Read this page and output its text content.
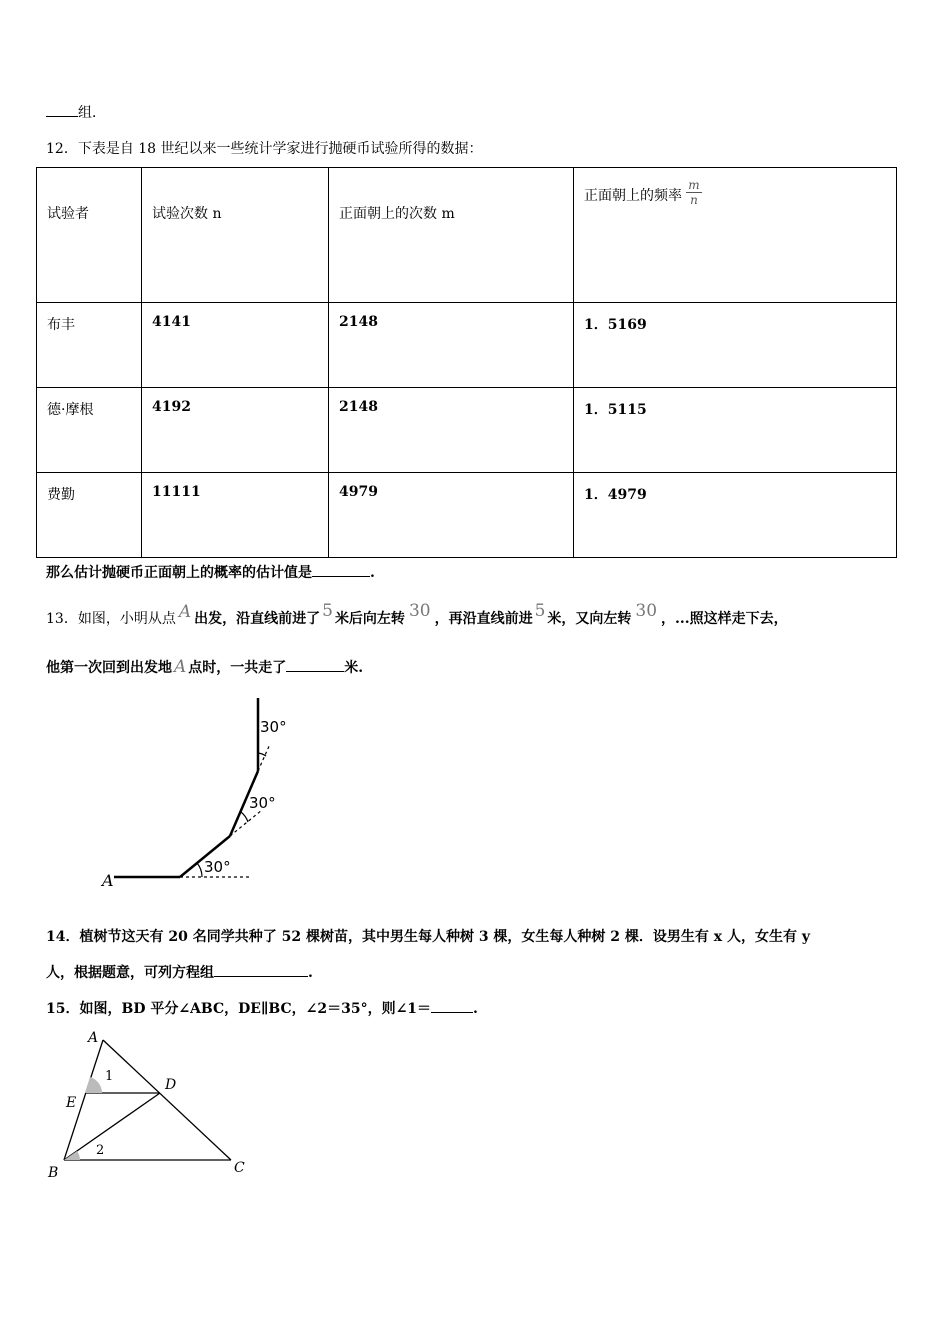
组．
12．下表是自 18 世纪以来一些统计学家进行抛硬币试验所得的数据：
试验者	试验次数 n	正面朝上的次数 m	正面朝上的频率 $\frac{m}{n}$

布丰	4141	2148	1．5169
德·摩根	4192	2148	1．5115
费勤	11111	4979	1．4979
那么估计抛硬币正面朝上的概率的估计值是	.
13．如图，小明从点 A 出发，沿直线前进了 5 米后向左转 30 ，再沿直线前进 5 米，又向左转 30 ，...照这样走下去，
他第一次回到出发地 A 点时，一共走了	米.
30°
30°
30°
A
14．植树节这天有 20 名同学共种了 52 棵树苗，其中男生每人种树 3 棵，女生每人种树 2 棵．设男生有 x 人，女生有 y
人，根据题意，可列方程组	.
15．如图，BD 平分∠ABC，DE∥BC，∠2＝35°，则∠1＝	.
A
E
D
B	C
1
2
